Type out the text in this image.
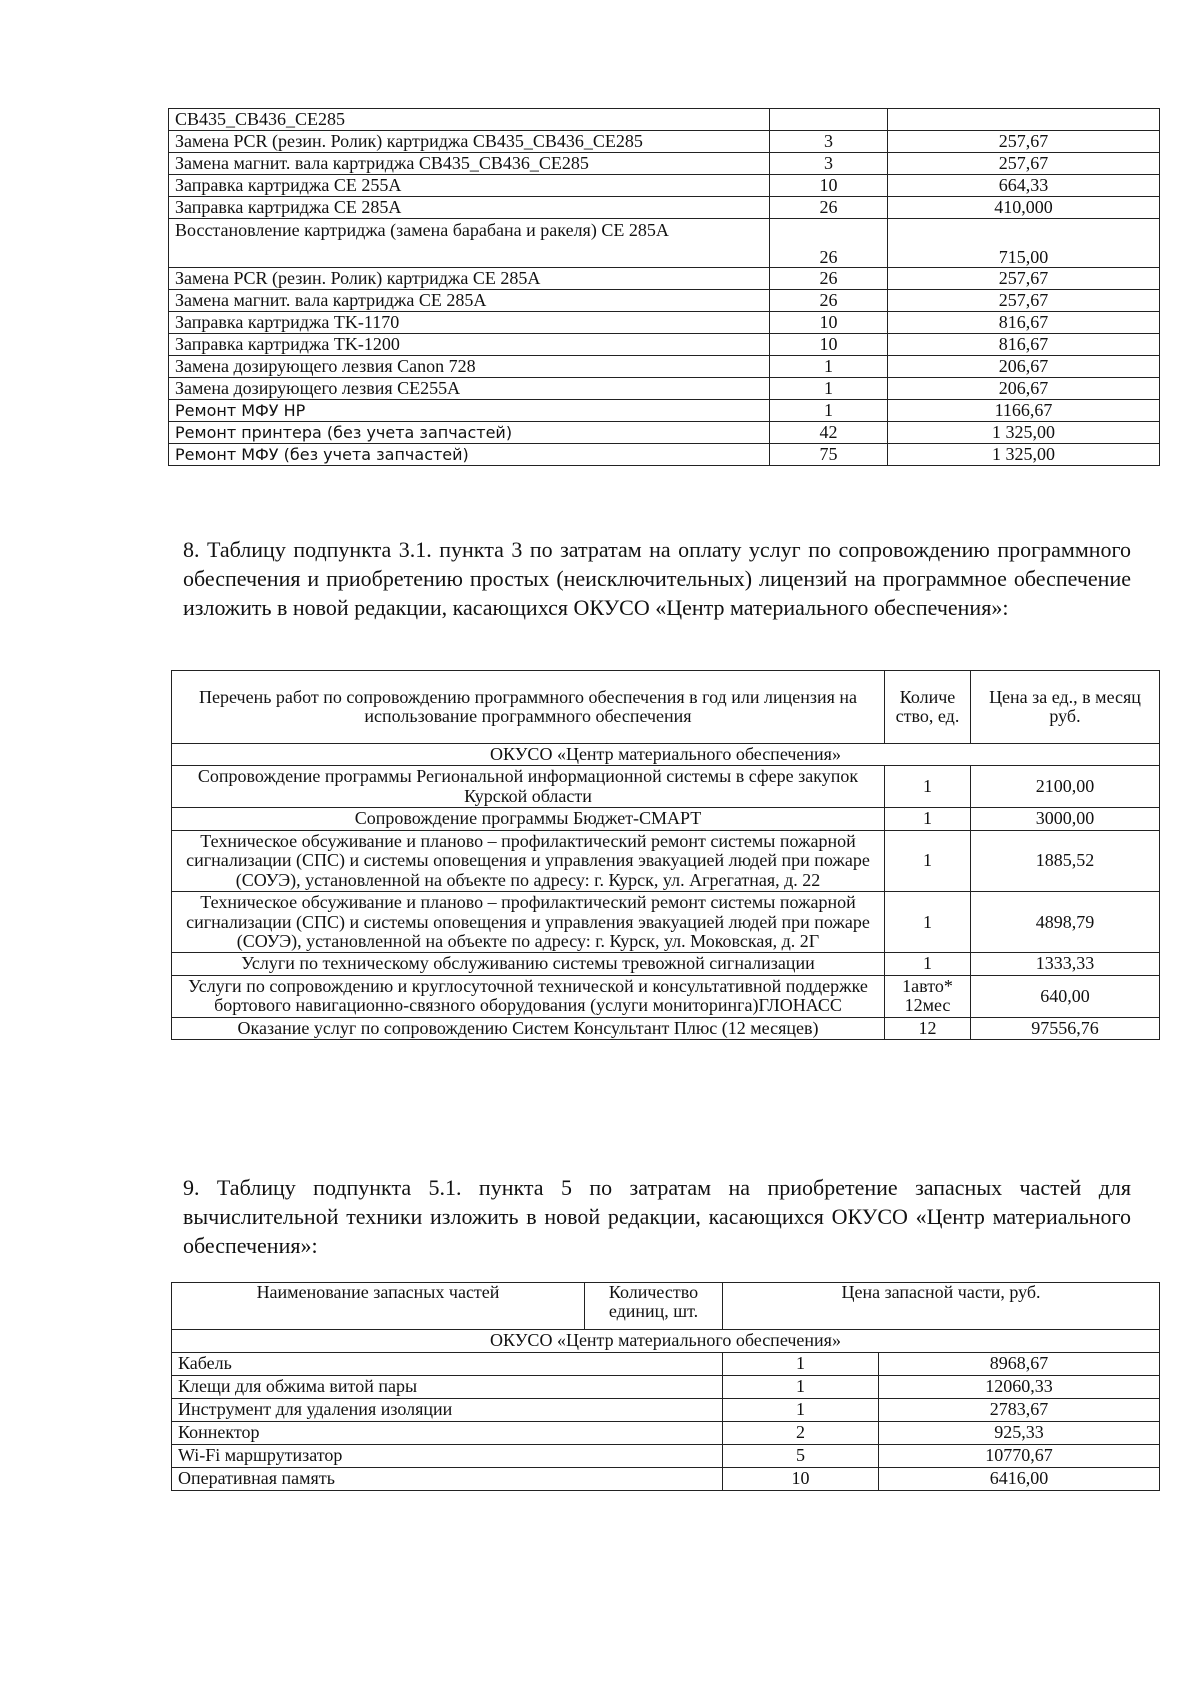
CB435_CB436_CE285		
Замена PCR (резин. Ролик) картриджа CB435_CB436_CE285	3	257,67
Замена магнит. вала картриджа CB435_CB436_CE285	3	257,67
Заправка картриджа CE 255A	10	664,33
Заправка картриджа CE 285A	26	410,000
Восстановление картриджа (замена барабана и ракеля) CE 285A	26	715,00
Замена PCR (резин. Ролик) картриджа CE 285A	26	257,67
Замена магнит. вала картриджа CE 285A	26	257,67
Заправка картриджа TK-1170	10	816,67
Заправка картриджа TK-1200	10	816,67
Замена дозирующего лезвия Canon 728	1	206,67
Замена дозирующего лезвия CE255A	1	206,67
Ремонт МФУ HP	1	1166,67
Ремонт принтера (без учета запчастей)	42	1 325,00
Ремонт МФУ (без учета запчастей)	75	1 325,00
8. Таблицу подпункта 3.1. пункта 3 по затратам на оплату услуг по сопровождению программного обеспечения и приобретению простых (неисключительных) лицензий на программное обеспечение изложить в новой редакции, касающихся ОКУСО «Центр материального обеспечения»:
Перечень работ по сопровождению программного обеспечения в год или лицензия на использование программного обеспечения	Количе ство, ед.	Цена за ед., в месяц руб.
ОКУСО «Центр материального обеспечения»		
Сопровождение программы Региональной информационной системы в сфере закупок Курской области	1	2100,00
Сопровождение программы Бюджет-СМАРТ	1	3000,00
Техническое обсуживание и планово – профилактический ремонт системы пожарной сигнализации (СПС) и системы оповещения и управления эвакуацией людей при пожаре (СОУЭ), установленной на объекте по адресу: г. Курск, ул. Агрегатная, д. 22	1	1885,52
Техническое обсуживание и планово – профилактический ремонт системы пожарной сигнализации (СПС) и системы оповещения и управления эвакуацией людей при пожаре (СОУЭ), установленной на объекте по адресу: г. Курск, ул. Моковская, д. 2Г	1	4898,79
Услуги по техническому обслуживанию системы тревожной сигнализации	1	1333,33
Услуги по сопровождению и круглосуточной технической и консультативной поддержке бортового навигационно-связного оборудования (услуги мониторинга)ГЛОНАСС	1авто* 12мес	640,00
Оказание услуг по сопровождению Систем Консультант Плюс (12 месяцев)	12	97556,76
9. Таблицу подпункта 5.1. пункта 5 по затратам на приобретение запасных частей для вычислительной техники изложить в новой редакции, касающихся ОКУСО «Центр материального обеспечения»:
Наименование запасных частей	Количество единиц, шт.	Цена запасной части, руб.	
ОКУСО «Центр материального обеспечения»			
Кабель		1	8968,67
Клещи для обжима витой пары		1	12060,33
Инструмент для удаления изоляции		1	2783,67
Коннектор		2	925,33
Wi-Fi маршрутизатор		5	10770,67
Оперативная память		10	6416,00
